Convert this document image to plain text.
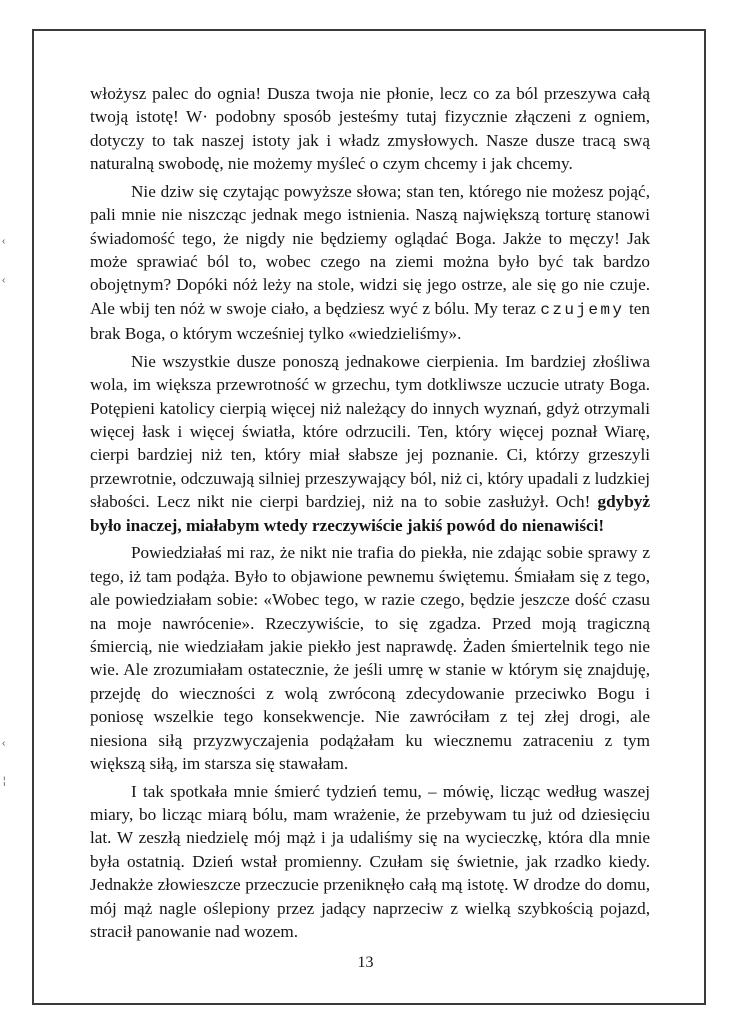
‹
‹
‹
¦

włożysz palec do ognia! Dusza twoja nie płonie, lecz co za ból przeszywa całą twoją istotę! W· podobny sposób jesteśmy tutaj fizycznie złączeni z ogniem, dotyczy to tak naszej istoty jak i władz zmysłowych. Nasze dusze tracą swą naturalną swobodę, nie możemy myśleć o czym chcemy i jak chcemy.

Nie dziw się czytając powyższe słowa; stan ten, którego nie możesz pojąć, pali mnie nie niszcząc jednak mego istnienia. Naszą największą torturę stanowi świadomość tego, że nigdy nie będziemy oglądać Boga. Jakże to męczy! Jak może sprawiać ból to, wobec czego na ziemi można było być tak bardzo obojętnym? Dopóki nóż leży na stole, widzi się jego ostrze, ale się go nie czuje. Ale wbij ten nóż w swoje ciało, a będziesz wyć z bólu. My teraz czujemy ten brak Boga, o którym wcześniej tylko «wiedzieliśmy».

Nie wszystkie dusze ponoszą jednakowe cierpienia. Im bardziej złośliwa wola, im większa przewrotność w grzechu, tym dotkliwsze uczucie utraty Boga. Potępieni katolicy cierpią więcej niż należący do innych wyznań, gdyż otrzymali więcej łask i więcej światła, które odrzucili. Ten, który więcej poznał Wiarę, cierpi bardziej niż ten, który miał słabsze jej poznanie. Ci, którzy grzeszyli przewrotnie, odczuwają silniej przeszywający ból, niż ci, który upadali z ludzkiej słabości. Lecz nikt nie cierpi bardziej, niż na to sobie zasłużył. Och! gdybyż było inaczej, miałabym wtedy rzeczywiście jakiś powód do nienawiści!

Powiedziałaś mi raz, że nikt nie trafia do piekła, nie zdając sobie sprawy z tego, iż tam podąża. Było to objawione pewnemu świętemu. Śmiałam się z tego, ale powiedziałam sobie: «Wobec tego, w razie czego, będzie jeszcze dość czasu na moje nawrócenie». Rzeczywiście, to się zgadza. Przed moją tragiczną śmiercią, nie wiedziałam jakie piekło jest naprawdę. Żaden śmiertelnik tego nie wie. Ale zrozumiałam ostatecznie, że jeśli umrę w stanie w którym się znajduję, przejdę do wieczności z wolą zwróconą zdecydowanie przeciwko Bogu i poniosę wszelkie tego konsekwencje. Nie zawróciłam z tej złej drogi, ale niesiona siłą przyzwyczajenia podążałam ku wiecznemu zatraceniu z tym większą siłą, im starsza się stawałam.

I tak spotkała mnie śmierć tydzień temu, – mówię, licząc według waszej miary, bo licząc miarą bólu, mam wrażenie, że przebywam tu już od dziesięciu lat. W zeszłą niedzielę mój mąż i ja udaliśmy się na wycieczkę, która dla mnie była ostatnią. Dzień wstał promienny. Czułam się świetnie, jak rzadko kiedy. Jednakże złowieszcze przeczucie przeniknęło całą mą istotę. W drodze do domu, mój mąż nagle oślepiony przez jadący naprzeciw z wielką szybkością pojazd, stracił panowanie nad wozem.

13
